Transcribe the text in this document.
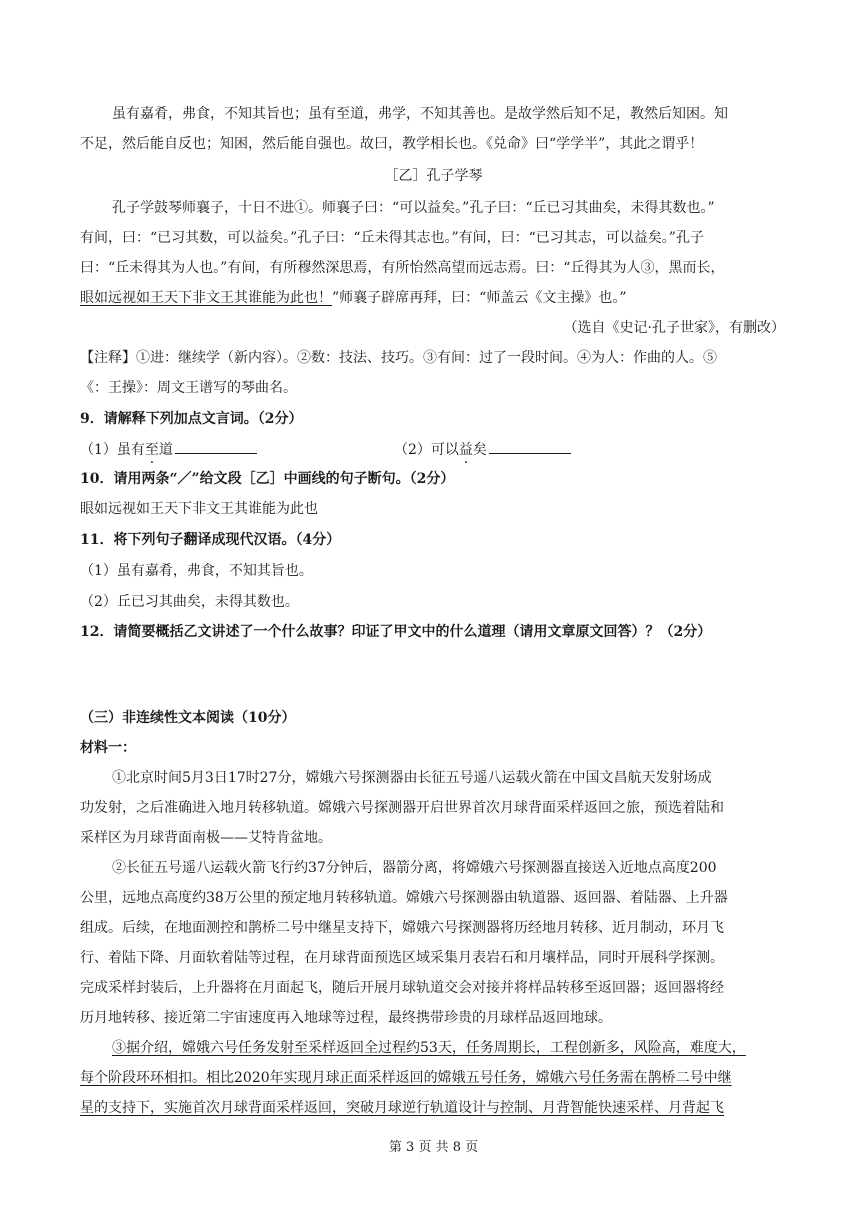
虽有嘉肴，弗食，不知其旨也；虽有至道，弗学，不知其善也。是故学然后知不足，教然后知困。知
不足，然后能自反也；知困，然后能自强也。故曰，教学相长也。《兑命》曰“学学半”，其此之谓乎！
［乙］孔子学琴
孔子学鼓琴师襄子，十日不进①。师襄子曰：“可以益矣。”孔子曰：“丘已习其曲矣，未得其数也。”
有间，曰：“已习其数，可以益矣。”孔子曰：“丘未得其志也。”有间，曰：“已习其志，可以益矣。”孔子
曰：“丘未得其为人也。”有间，有所穆然深思焉，有所怡然高望而远志焉。曰：“丘得其为人③，黑而长，
眼如远视如王天下非文王其谁能为此也！”师襄子辟席再拜，曰：“师盖云《文主操》也。”
（选自《史记·孔子世家》，有删改）
【注释】①进：继续学（新内容）。②数：技法、技巧。③有间：过了一段时间。④为人：作曲的人。⑤
《：王操》：周文王谱写的琴曲名。
9．请解释下列加点文言词。（2分）
（1）虽有至道	（2）可以益矣
10．请用两条“／”给文段［乙］中画线的句子断句。（2分）
眼如远视如王天下非文王其谁能为此也
11．将下列句子翻译成现代汉语。（4分）
（1）虽有嘉肴，弗食，不知其旨也。
（2）丘已习其曲矣，未得其数也。
12．请简要概括乙文讲述了一个什么故事？印证了甲文中的什么道理（请用文章原文回答）？（2分）
（三）非连续性文本阅读（10分）
材料一：
①北京时间5月3日17时27分，嫦娥六号探测器由长征五号遥八运载火箭在中国文昌航天发射场成
功发射，之后准确进入地月转移轨道。嫦娥六号探测器开启世界首次月球背面采样返回之旅，预选着陆和
采样区为月球背面南极——艾特肯盆地。
②长征五号遥八运载火箭飞行约37分钟后，器箭分离，将嫦娥六号探测器直接送入近地点高度200
公里，远地点高度约38万公里的预定地月转移轨道。嫦娥六号探测器由轨道器、返回器、着陆器、上升器
组成。后续，在地面测控和鹊桥二号中继星支持下，嫦娥六号探测器将历经地月转移、近月制动，环月飞
行、着陆下降、月面软着陆等过程，在月球背面预选区域采集月表岩石和月壤样品，同时开展科学探测。
完成采样封装后，上升器将在月面起飞，随后开展月球轨道交会对接并将样品转移至返回器；返回器将经
历月地转移、接近第二宇宙速度再入地球等过程，最终携带珍贵的月球样品返回地球。
③据介绍，嫦娥六号任务发射至采样返回全过程约53天，任务周期长，工程创新多，风险高，难度大，
每个阶段环环相扣。相比2020年实现月球正面采样返回的嫦娥五号任务，嫦娥六号任务需在鹊桥二号中继
星的支持下，实施首次月球背面采样返回，突破月球逆行轨道设计与控制、月背智能快速采样、月背起飞
第 3 页 共 8 页
